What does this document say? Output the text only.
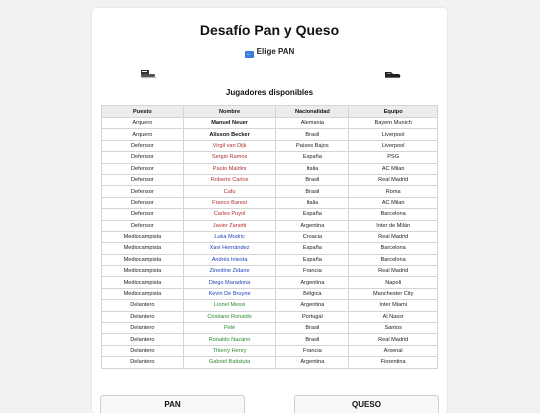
Desafío Pan y Queso
← Elige PAN
Jugadores disponibles
Puesto	Nombre	Nacionalidad	Equipo
Arquero	Manuel Neuer	Alemania	Bayern Munich
Arquero	Alisson Becker	Brasil	Liverpool
Defensor	Virgil van Dijk	Países Bajos	Liverpool
Defensor	Sergio Ramos	España	PSG
Defensor	Paolo Maldini	Italia	AC Milan
Defensor	Roberto Carlos	Brasil	Real Madrid
Defensor	Cafu	Brasil	Roma
Defensor	Franco Baresi	Italia	AC Milan
Defensor	Carles Puyol	España	Barcelona
Defensor	Javier Zanetti	Argentina	Inter de Milán
Mediocampista	Luka Modric	Croacia	Real Madrid
Mediocampista	Xavi Hernández	España	Barcelona
Mediocampista	Andrés Iniesta	España	Barcelona
Mediocampista	Zinedine Zidane	Francia	Real Madrid
Mediocampista	Diego Maradona	Argentina	Napoli
Mediocampista	Kevin De Bruyne	Bélgica	Manchester City
Delantero	Lionel Messi	Argentina	Inter Miami
Delantero	Cristiano Ronaldo	Portugal	Al Nassr
Delantero	Pelé	Brasil	Santos
Delantero	Ronaldo Nazário	Brasil	Real Madrid
Delantero	Thierry Henry	Francia	Arsenal
Delantero	Gabriel Batistuta	Argentina	Fiorentina
PAN	QUESO
